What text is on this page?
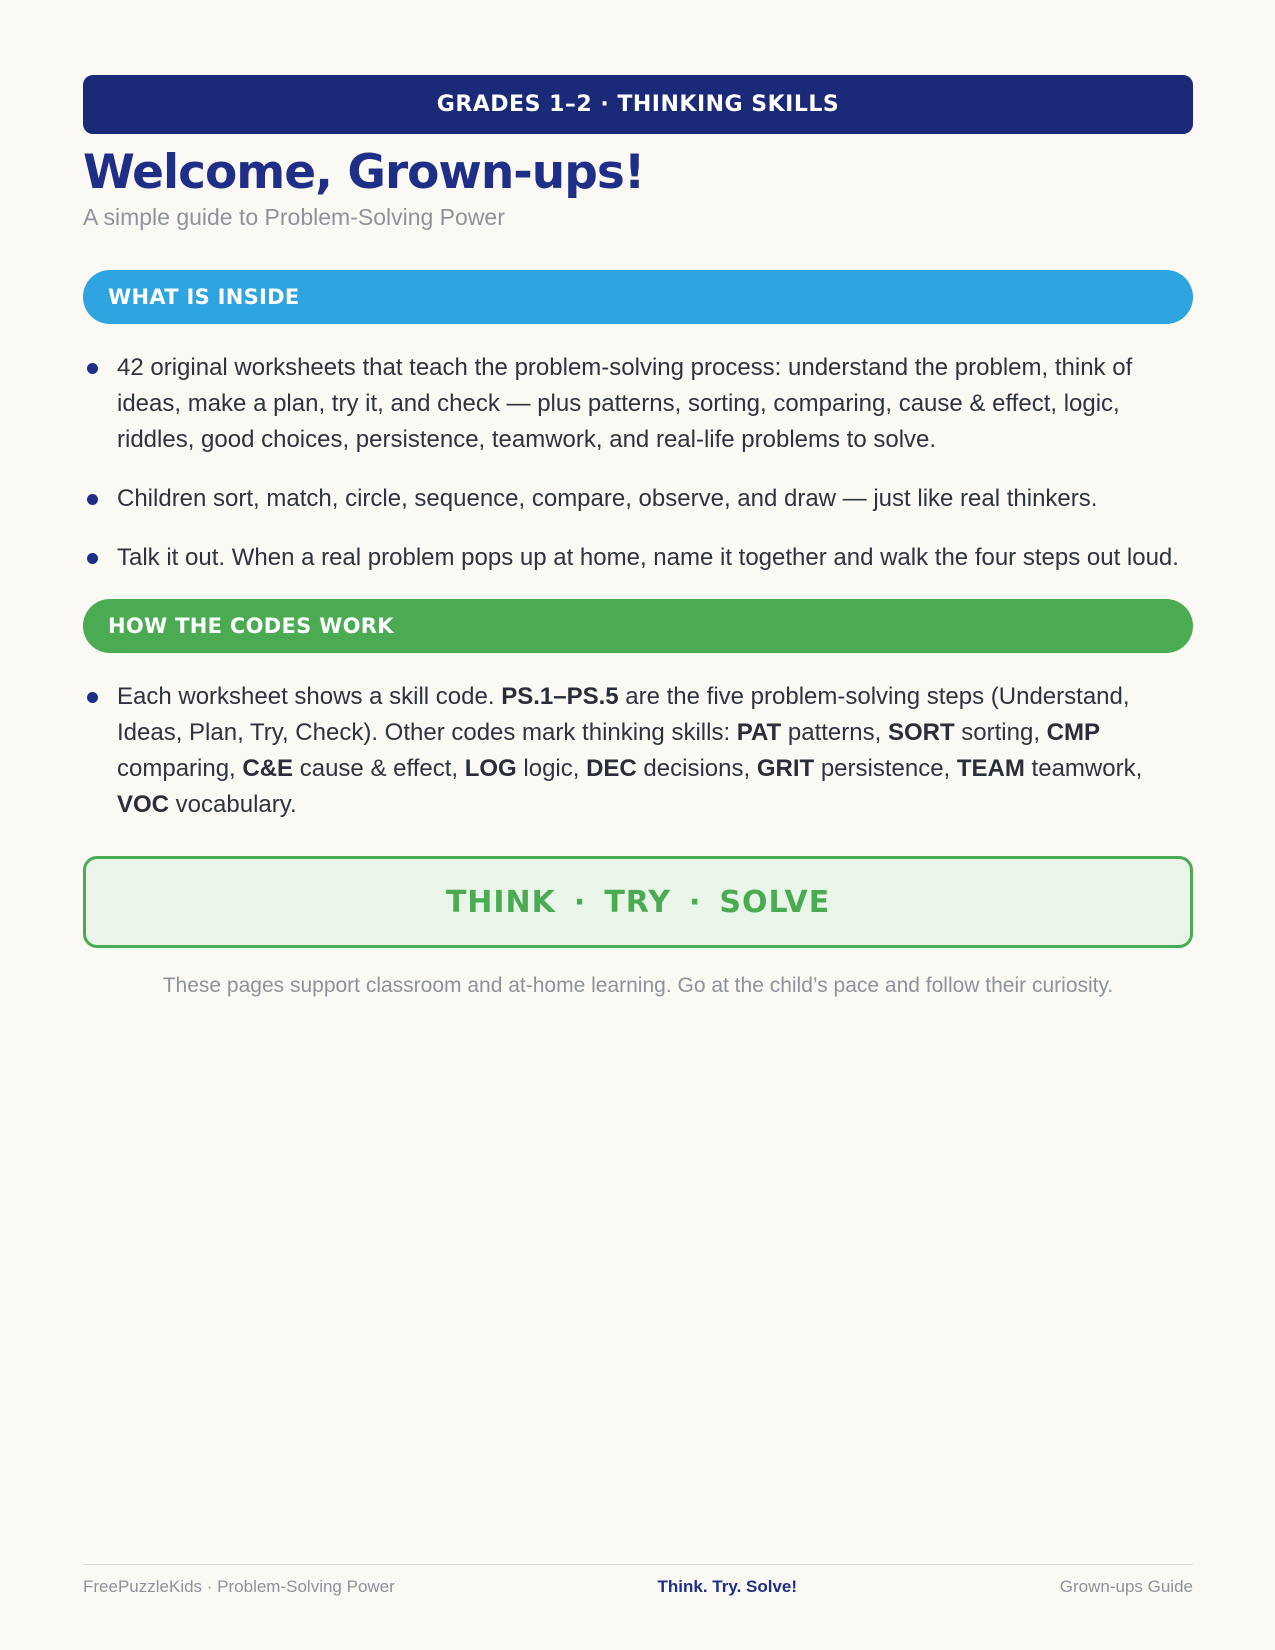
GRADES 1–2 · THINKING SKILLS
Welcome, Grown-ups!

A simple guide to Problem-Solving Power

WHAT IS INSIDE
42 original worksheets that teach the problem-solving process: understand the problem, think of ideas, make a plan, try it, and check — plus patterns, sorting, comparing, cause & effect, logic, riddles, good choices, persistence, teamwork, and real-life problems to solve.
Children sort, match, circle, sequence, compare, observe, and draw — just like real thinkers.
Talk it out. When a real problem pops up at home, name it together and walk the four steps out loud.
HOW THE CODES WORK
Each worksheet shows a skill code. PS.1–PS.5 are the five problem-solving steps (Understand, Ideas, Plan, Try, Check). Other codes mark thinking skills: PAT patterns, SORT sorting, CMP comparing, C&E cause & effect, LOG logic, DEC decisions, GRIT persistence, TEAM teamwork, VOC vocabulary.
THINK · TRY · SOLVE
These pages support classroom and at-home learning. Go at the child’s pace and follow their curiosity.
FreePuzzleKids · Problem-Solving Power	Think. Try. Solve!	Grown-ups Guide
